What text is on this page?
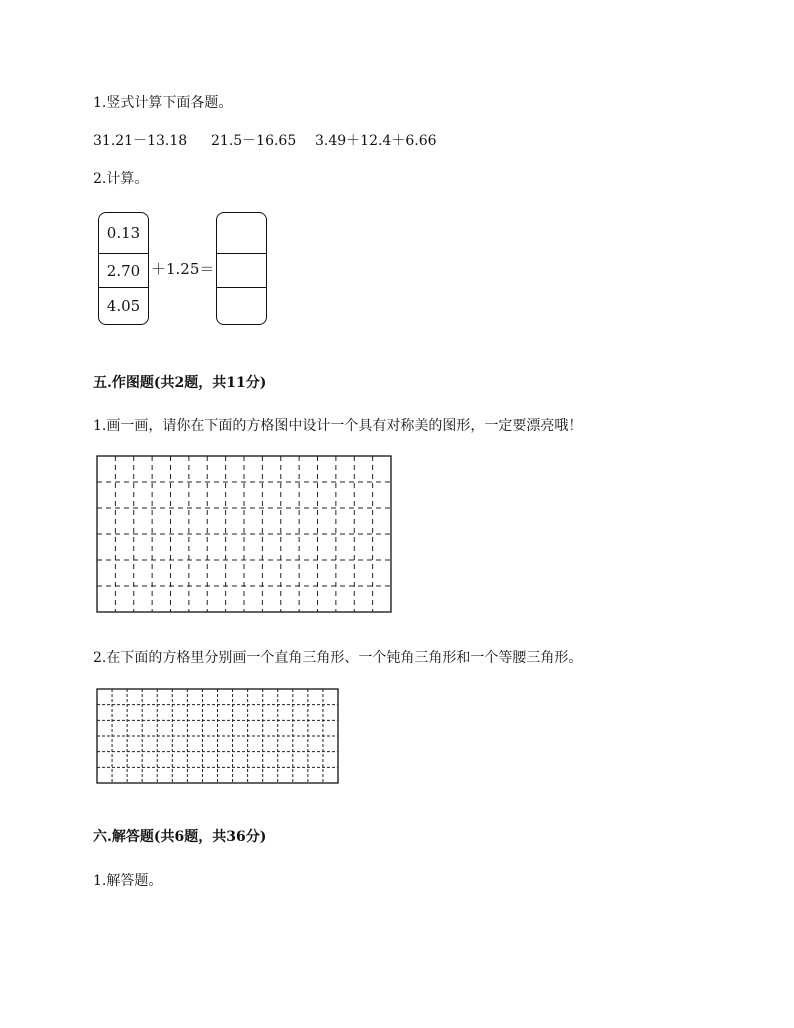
1.竖式计算下面各题。
31.21－13.18 21.5－16.65 3.49＋12.4＋6.66
2.计算。
0.13
2.70
4.05
＋1.25＝
五.作图题(共2题，共11分)
1.画一画，请你在下面的方格图中设计一个具有对称美的图形，一定要漂亮哦！
2.在下面的方格里分别画一个直角三角形、一个钝角三角形和一个等腰三角形。
六.解答题(共6题，共36分)
1.解答题。
